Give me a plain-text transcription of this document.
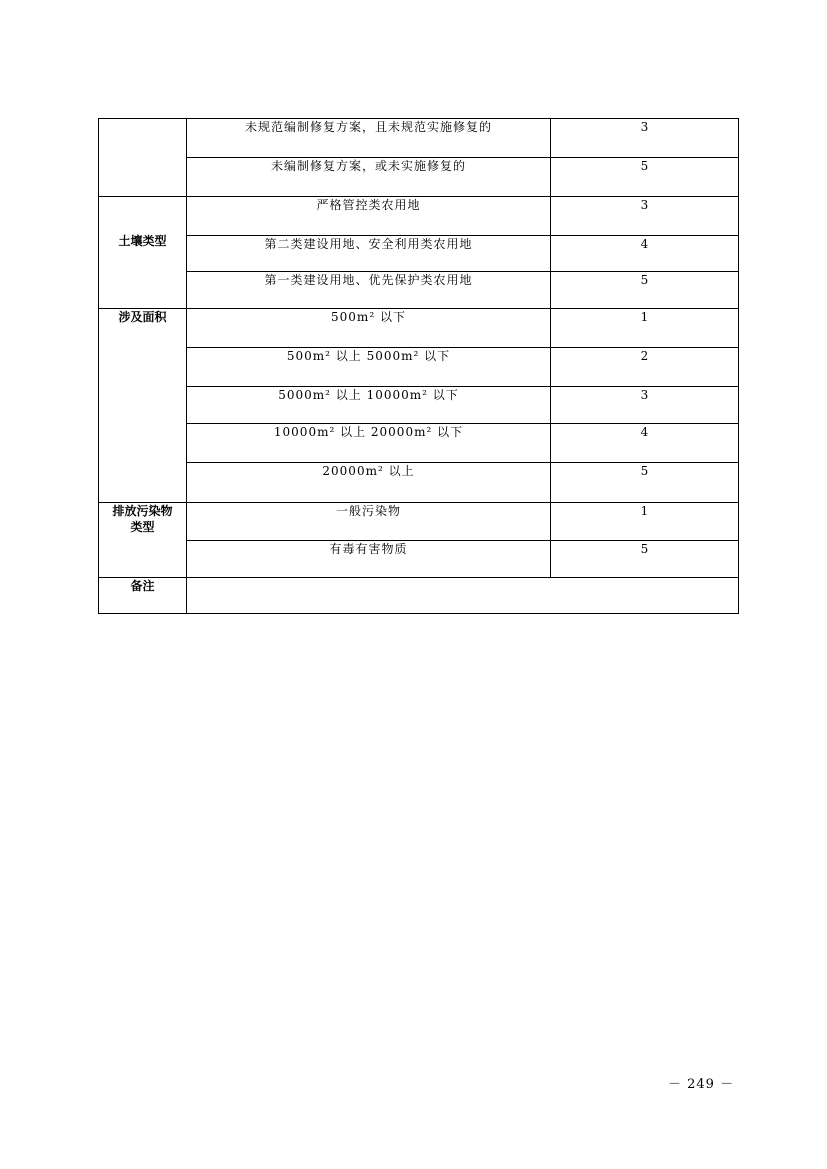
	未规范编制修复方案，且未规范实施修复的	3
	未编制修复方案，或未实施修复的	5
土壤类型	严格管控类农用地	3
	第二类建设用地、安全利用类农用地	4
	第一类建设用地、优先保护类农用地	5
涉及面积	500m² 以下	1
	500m² 以上 5000m² 以下	2
	5000m² 以上 10000m² 以下	3
	10000m² 以上 20000m² 以下	4
	20000m² 以上	5

排放污染物
类型	一般污染物	1
	有毒有害物质	5
备注		
－ 249 －
